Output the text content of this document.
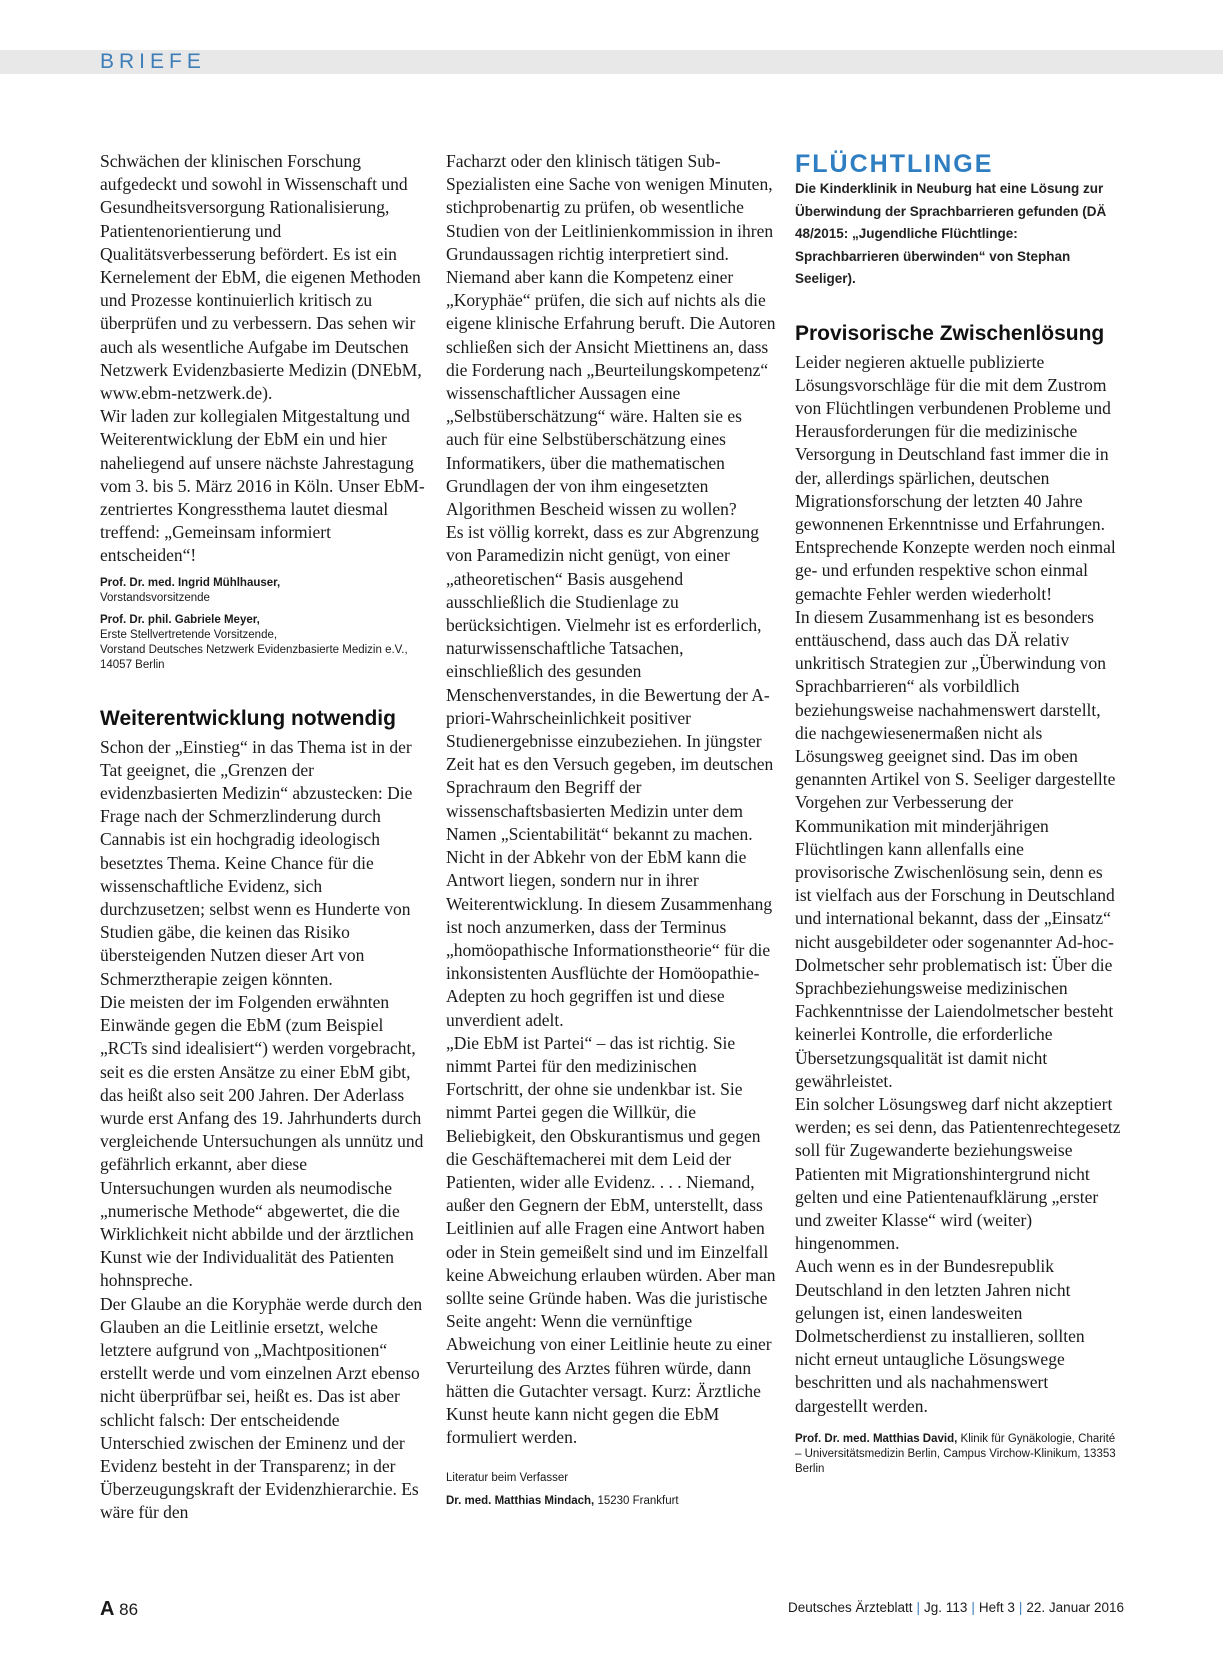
BRIEFE

Schwächen der klinischen Forschung aufgedeckt und sowohl in Wissenschaft und Gesundheitsversorgung Rationalisierung, Patientenorientierung und Qualitätsverbesserung befördert. Es ist ein Kernelement der EbM, die eigenen Methoden und Prozesse kontinuierlich kritisch zu überprüfen und zu verbessern. Das sehen wir auch als wesentliche Aufgabe im Deutschen Netzwerk Evidenzbasierte Medizin (DNEbM, www.ebm-netzwerk.de).

Wir laden zur kollegialen Mitgestaltung und Weiterentwicklung der EbM ein und hier naheliegend auf unsere nächste Jahrestagung vom 3. bis 5. März 2016 in Köln. Unser EbM-zentriertes Kongressthema lautet diesmal treffend: „Gemeinsam informiert entscheiden“!

Prof. Dr. med. Ingrid Mühlhauser,

Vorstandsvorsitzende

Prof. Dr. phil. Gabriele Meyer,

Erste Stellvertretende Vorsitzende,

Vorstand Deutsches Netzwerk Evidenzbasierte Medizin e.V.,

14057 Berlin

Weiterentwicklung notwendig

Schon der „Einstieg“ in das Thema ist in der Tat geeignet, die „Grenzen der evidenzbasierten Medizin“ abzustecken: Die Frage nach der Schmerzlinderung durch Cannabis ist ein hochgradig ideologisch besetztes Thema. Keine Chance für die wissenschaftliche Evidenz, sich durchzusetzen; selbst wenn es Hunderte von Studien gäbe, die keinen das Risiko übersteigenden Nutzen dieser Art von Schmerztherapie zeigen könnten.

Die meisten der im Folgenden erwähnten Einwände gegen die EbM (zum Beispiel „RCTs sind idealisiert“) werden vorgebracht, seit es die ersten Ansätze zu einer EbM gibt, das heißt also seit 200 Jahren. Der Aderlass wurde erst Anfang des 19. Jahrhunderts durch vergleichende Untersuchungen als unnütz und gefährlich erkannt, aber diese Untersuchungen wurden als neumodische „numerische Methode“ abgewertet, die die Wirklichkeit nicht abbilde und der ärztlichen Kunst wie der Individualität des Patienten hohnspreche.

Der Glaube an die Koryphäe werde durch den Glauben an die Leitlinie ersetzt, welche letztere aufgrund von „Machtpositionen“ erstellt werde und vom einzelnen Arzt ebenso nicht überprüfbar sei, heißt es. Das ist aber schlicht falsch: Der entscheidende Unterschied zwischen der Eminenz und der Evidenz besteht in der Transparenz; in der Überzeugungskraft der Evidenzhierarchie. Es wäre für den

Facharzt oder den klinisch tätigen Sub-Spezialisten eine Sache von wenigen Minuten, stichprobenartig zu prüfen, ob wesentliche Studien von der Leitlinienkommission in ihren Grundaussagen richtig interpretiert sind. Niemand aber kann die Kompetenz einer „Koryphäe“ prüfen, die sich auf nichts als die eigene klinische Erfahrung beruft. Die Autoren schließen sich der Ansicht Miettinens an, dass die Forderung nach „Beurteilungskompetenz“ wissenschaftlicher Aussagen eine „Selbstüberschätzung“ wäre. Halten sie es auch für eine Selbstüberschätzung eines Informatikers, über die mathematischen Grundlagen der von ihm eingesetzten Algorithmen Bescheid wissen zu wollen?

Es ist völlig korrekt, dass es zur Abgrenzung von Paramedizin nicht genügt, von einer „atheoretischen“ Basis ausgehend ausschließlich die Studienlage zu berücksichtigen. Vielmehr ist es erforderlich, naturwissenschaftliche Tatsachen, einschließlich des gesunden Menschenverstandes, in die Bewertung der A-priori-Wahrscheinlichkeit positiver Studienergebnisse einzubeziehen. In jüngster Zeit hat es den Versuch gegeben, im deutschen Sprachraum den Begriff der wissenschaftsbasierten Medizin unter dem Namen „Scientabilität“ bekannt zu machen. Nicht in der Abkehr von der EbM kann die Antwort liegen, sondern nur in ihrer Weiterentwicklung. In diesem Zusammenhang ist noch anzumerken, dass der Terminus „homöopathische Informationstheorie“ für die inkonsistenten Ausflüchte der Homöopathie-Adepten zu hoch gegriffen ist und diese unverdient adelt.

„Die EbM ist Partei“ – das ist richtig. Sie nimmt Partei für den medizinischen Fortschritt, der ohne sie undenkbar ist. Sie nimmt Partei gegen die Willkür, die Beliebigkeit, den Obskurantismus und gegen die Geschäftemacherei mit dem Leid der Patienten, wider alle Evidenz. . . . Niemand, außer den Gegnern der EbM, unterstellt, dass Leitlinien auf alle Fragen eine Antwort haben oder in Stein gemeißelt sind und im Einzelfall keine Abweichung erlauben würden. Aber man sollte seine Gründe haben. Was die juristische Seite angeht: Wenn die vernünftige Abweichung von einer Leitlinie heute zu einer Verurteilung des Arztes führen würde, dann hätten die Gutachter versagt. Kurz: Ärztliche Kunst heute kann nicht gegen die EbM formuliert werden.

Literatur beim Verfasser

Dr. med. Matthias Mindach, 15230 Frankfurt

FLÜCHTLINGE

Die Kinderklinik in Neuburg hat eine Lösung zur Überwindung der Sprachbarrieren gefunden (DÄ 48/2015: „Jugendliche Flüchtlinge: Sprachbarrieren überwinden“ von Stephan Seeliger).

Provisorische Zwischenlösung

Leider negieren aktuelle publizierte Lösungsvorschläge für die mit dem Zustrom von Flüchtlingen verbundenen Probleme und Herausforderungen für die medizinische Versorgung in Deutschland fast immer die in der, allerdings spärlichen, deutschen Migrationsforschung der letzten 40 Jahre gewonnenen Erkenntnisse und Erfahrungen. Entsprechende Konzepte werden noch einmal ge- und erfunden respektive schon einmal gemachte Fehler werden wiederholt!

In diesem Zusammenhang ist es besonders enttäuschend, dass auch das DÄ relativ unkritisch Strategien zur „Überwindung von Sprachbarrieren“ als vorbildlich beziehungsweise nachahmenswert darstellt, die nachgewiesenermaßen nicht als Lösungsweg geeignet sind. Das im oben genannten Artikel von S. Seeliger dargestellte Vorgehen zur Verbesserung der Kommunikation mit minderjährigen Flüchtlingen kann allenfalls eine provisorische Zwischenlösung sein, denn es ist vielfach aus der Forschung in Deutschland und international bekannt, dass der „Einsatz“ nicht ausgebildeter oder sogenannter Ad-hoc-Dolmetscher sehr problematisch ist: Über die Sprachbeziehungsweise medizinischen Fachkenntnisse der Laiendolmetscher besteht keinerlei Kontrolle, die erforderliche Übersetzungsqualität ist damit nicht gewährleistet.

Ein solcher Lösungsweg darf nicht akzeptiert werden; es sei denn, das Patientenrechtegesetz soll für Zugewanderte beziehungsweise Patienten mit Migrationshintergrund nicht gelten und eine Patientenaufklärung „erster und zweiter Klasse“ wird (weiter) hingenommen.

Auch wenn es in der Bundesrepublik Deutschland in den letzten Jahren nicht gelungen ist, einen landesweiten Dolmetscherdienst zu installieren, sollten nicht erneut untaugliche Lösungswege beschritten und als nachahmenswert dargestellt werden.

Prof. Dr. med. Matthias David, Klinik für Gynäkologie, Charité – Universitätsmedizin Berlin, Campus Virchow-Klinikum, 13353 Berlin

A 86	Deutsches Ärzteblatt | Jg. 113 | Heft 3 | 22. Januar 2016
